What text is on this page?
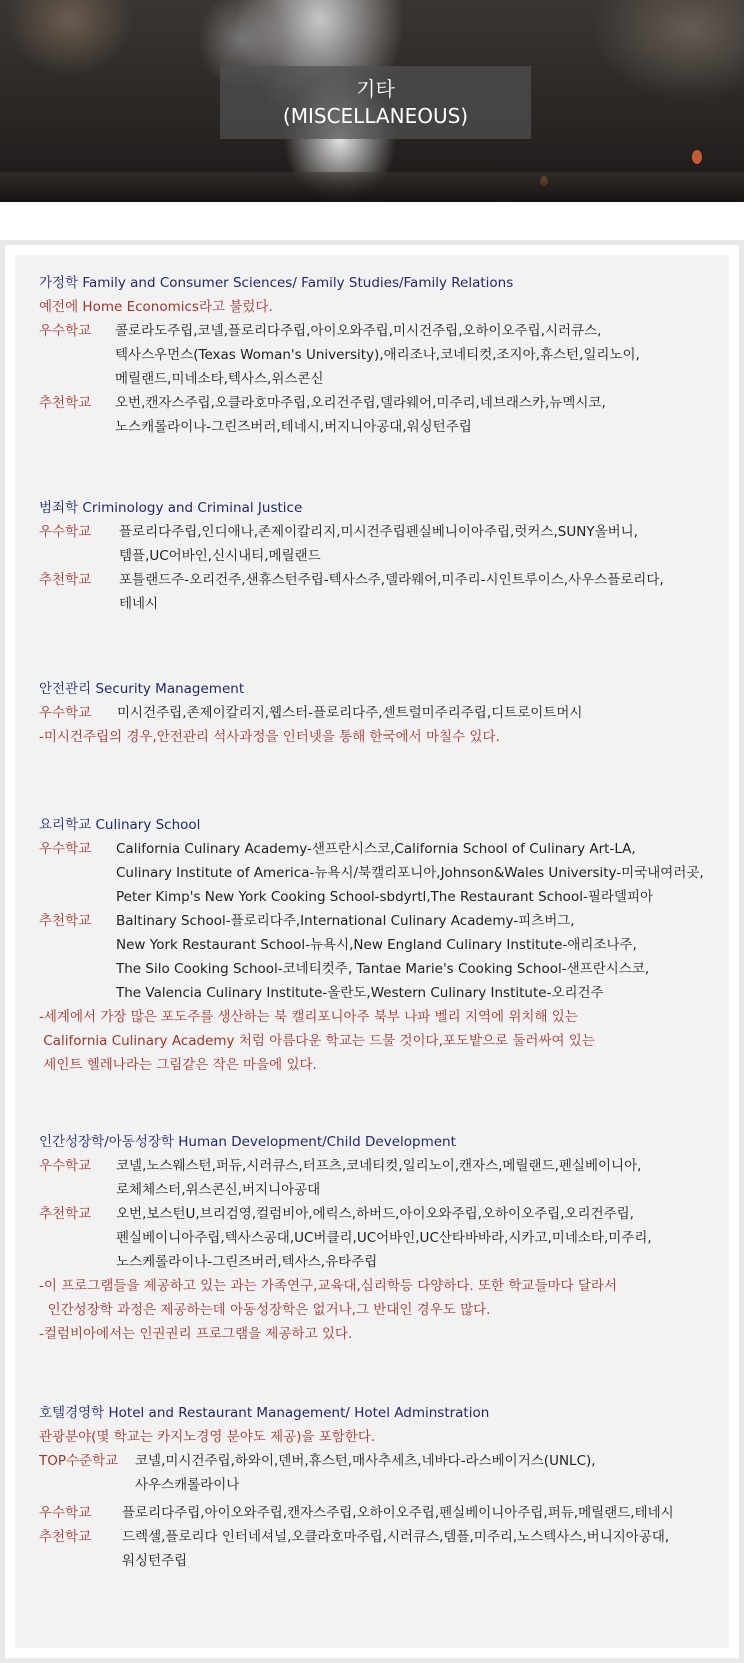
기타
(MISCELLANEOUS)
가정학 Family and Consumer Sciences/ Family Studies/Family Relations
예전에 Home Economics라고 불렀다.
우수학교 콜로라도주립,코넬,플로리다주립,아이오와주립,미시건주립,오하이오주립,시러큐스,
텍사스우먼스(Texas Woman's University),애리조나,코네티컷,조지아,휴스턴,일리노이,
메릴랜드,미네소타,텍사스,위스콘신
추천학교 오번,캔자스주립,오클라호마주립,오리건주립,델라웨어,미주리,네브래스카,뉴멕시코,
노스캐롤라이나-그린즈버러,테네시,버지니아공대,워싱턴주립
범죄학 Criminology and Criminal Justice
우수학교 플로리다주립,인디애나,존제이칼리지,미시건주립펜실베니이아주립,럿커스,SUNY올버니,
템플,UC어바인,신시내티,메릴랜드
추천학교 포틀랜드주-오리건주,샌휴스턴주립-텍사스주,델라웨어,미주리-시인트루이스,사우스플로리다,
테네시
안전관리 Security Management
우수학교 미시건주립,존제이칼리지,웹스터-플로리다주,센트럴미주리주립,디트로이트머시
-미시건주립의 경우,안전관리 석사과정을 인터넷을 통해 한국에서 마칠수 있다.
요리학교 Culinary School
우수학교 California Culinary Academy-샌프란시스코,California School of Culinary Art-LA,
Culinary Institute of America-뉴욕시/북캘리포니아,Johnson&Wales University-미국내여러곳,
Peter Kimp's New York Cooking School-sbdyrtl,The Restaurant School-필라델피아
추천학교 Baltinary School-플로리다주,International Culinary Academy-피츠버그,
New York Restaurant School-뉴욕시,New England Culinary Institute-애리조나주,
The Silo Cooking School-코네티컷주, Tantae Marie's Cooking School-샌프란시스코,
The Valencia Culinary Institute-올란도,Western Culinary Institute-오리건주
-세계에서 가장 많은 포도주를 생산하는 북 캘리포니아주 북부 나파 벨리 지역에 위치해 있는
California Culinary Academy 처럼 아름다운 학교는 드물 것이다,포도밭으로 둘러싸여 있는
세인트 헬레나라는 그림같은 작은 마을에 있다.
인간성장학/아동성장학 Human Development/Child Development
우수학교 코넬,노스웨스턴,퍼듀,시러큐스,터프츠,코네티컷,일리노이,캔자스,메릴랜드,펜실베이니아,
로체체스터,위스콘신,버지니아공대
추천학교 오번,보스턴U,브리검영,컬럼비아,에릭스,하버드,아이오와주립,오하이오주립,오리건주립,
펜실베이니아주립,텍사스공대,UC버클리,UC어바인,UC산타바바라,시카고,미네소타,미주리,
노스케롤라이나-그린즈버러,텍사스,유타주립
-이 프로그램들을 제공하고 있는 과는 가족연구,교육대,심리학등 다양하다. 또한 학교들마다 달라서
인간성장학 과정은 제공하는데 아동성장학은 없거나,그 반대인 경우도 많다.
-컬럼비아에서는 인권권리 프로그램을 제공하고 있다.
호텔경영학 Hotel and Restaurant Management/ Hotel Adminstration
관광분야(몇 학교는 카지노경영 분야도 제공)을 포함한다.
TOP수준학교 코넬,미시건주립,하와이,덴버,휴스턴,매사추세츠,네바다-라스베이거스(UNLC),
사우스캐롤라이나
우수학교 플로리다주립,아이오와주립,캔자스주립,오하이오주립,펜실베이니아주립,퍼듀,메릴랜드,테네시
추천학교 드렉셀,플로리다 인터네셔널,오클라호마주립,시러큐스,템플,미주리,노스텍사스,버니지아공대,
워싱턴주립
